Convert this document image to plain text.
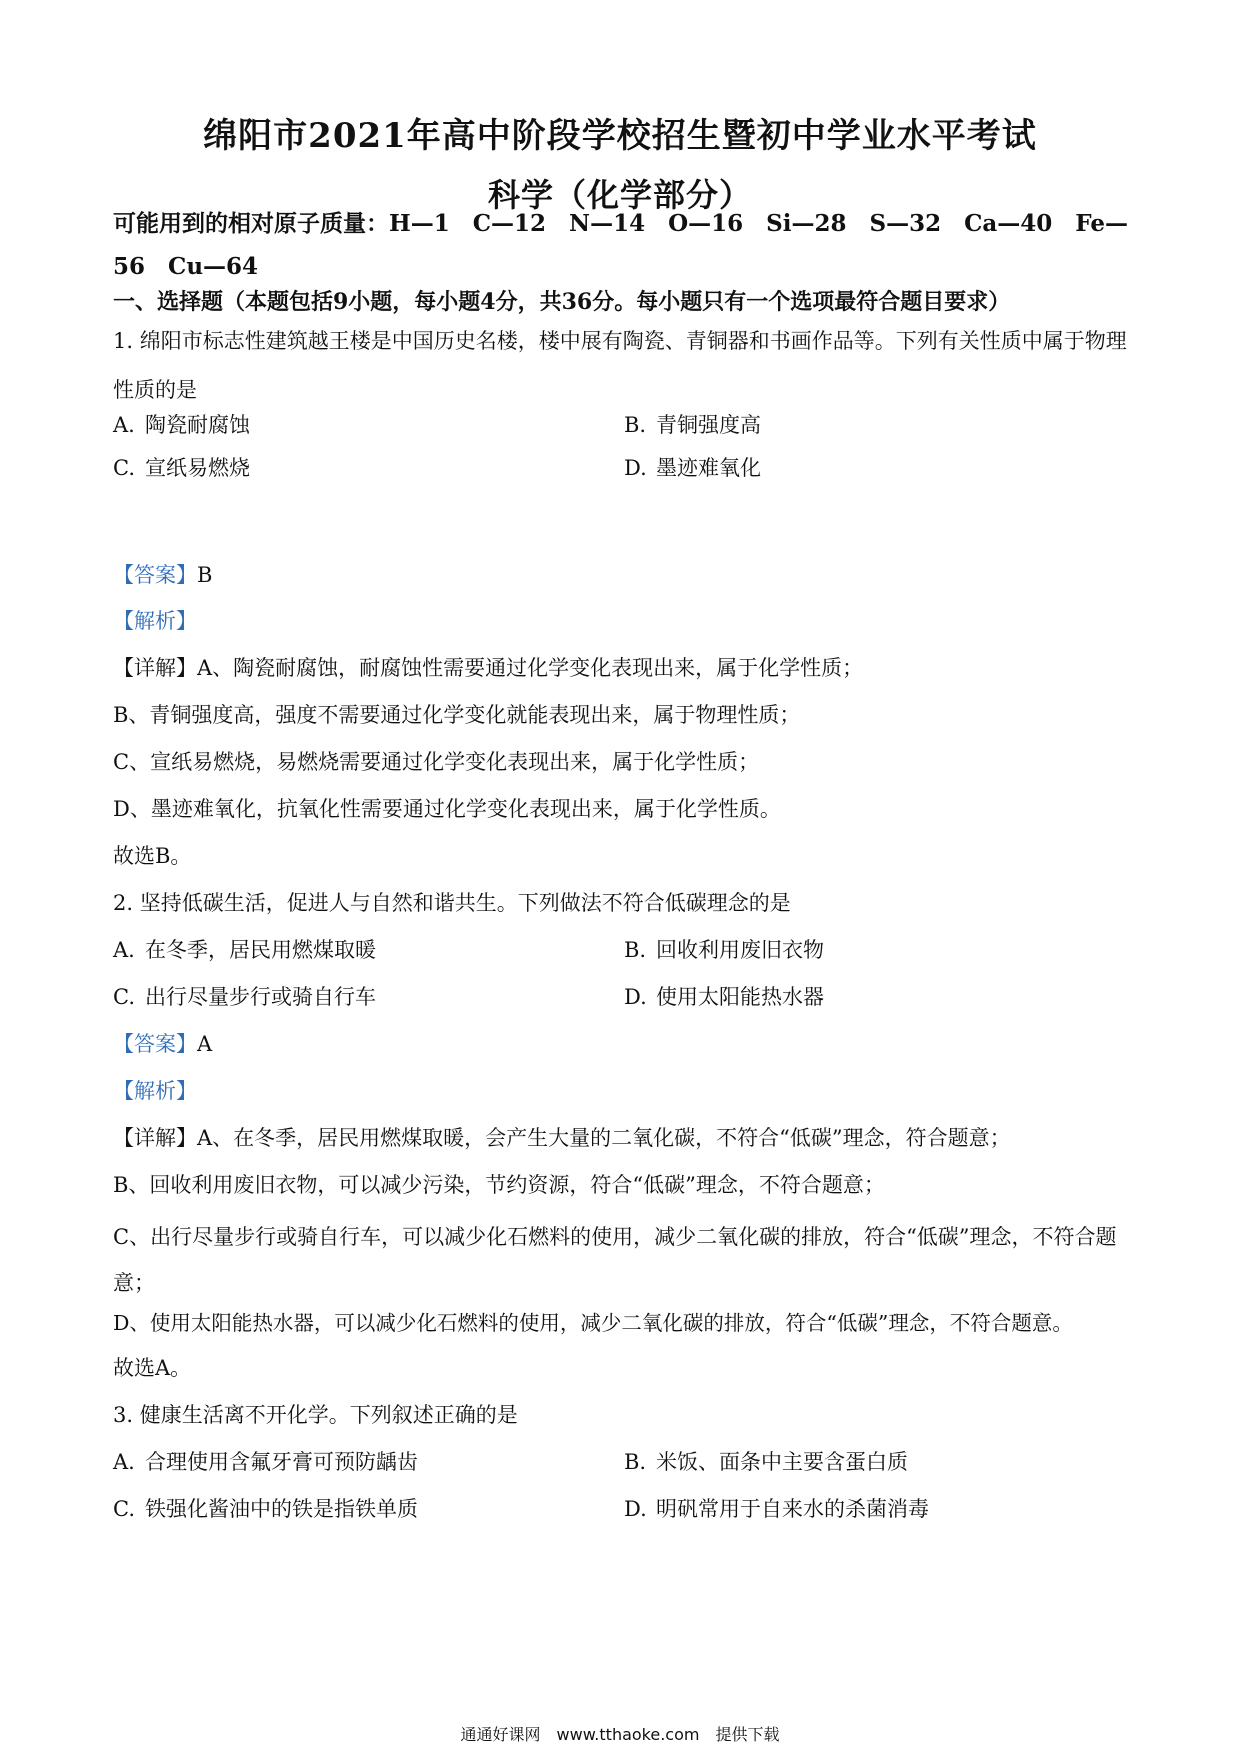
绵阳市2021年高中阶段学校招生暨初中学业水平考试
科学（化学部分）
可能用到的相对原子质量：H—1　C—12　N—14　O—16　Si—28　S—32　Ca—40　Fe—56　Cu—64
一、选择题（本题包括9小题，每小题4分，共36分。每小题只有一个选项最符合题目要求）
1. 绵阳市标志性建筑越王楼是中国历史名楼，楼中展有陶瓷、青铜器和书画作品等。下列有关性质中属于物理性质的是
A. 陶瓷耐腐蚀	B. 青铜强度高
C. 宣纸易燃烧	D. 墨迹难氧化
【答案】B
【解析】
【详解】A、陶瓷耐腐蚀，耐腐蚀性需要通过化学变化表现出来，属于化学性质；
B、青铜强度高，强度不需要通过化学变化就能表现出来，属于物理性质；
C、宣纸易燃烧，易燃烧需要通过化学变化表现出来，属于化学性质；
D、墨迹难氧化，抗氧化性需要通过化学变化表现出来，属于化学性质。
故选B。
2. 坚持低碳生活，促进人与自然和谐共生。下列做法不符合低碳理念的是
A. 在冬季，居民用燃煤取暖	B. 回收利用废旧衣物
C. 出行尽量步行或骑自行车	D. 使用太阳能热水器
【答案】A
【解析】
【详解】A、在冬季，居民用燃煤取暖，会产生大量的二氧化碳，不符合“低碳”理念，符合题意；
B、回收利用废旧衣物，可以减少污染，节约资源，符合“低碳”理念，不符合题意；
C、出行尽量步行或骑自行车，可以减少化石燃料的使用，减少二氧化碳的排放，符合“低碳”理念，不符合题意；
D、使用太阳能热水器，可以减少化石燃料的使用，减少二氧化碳的排放，符合“低碳”理念，不符合题意。
故选A。
3. 健康生活离不开化学。下列叙述正确的是
A. 合理使用含氟牙膏可预防龋齿	B. 米饭、面条中主要含蛋白质
C. 铁强化酱油中的铁是指铁单质	D. 明矾常用于自来水的杀菌消毒
通通好课网　www.tthaoke.com　提供下载
